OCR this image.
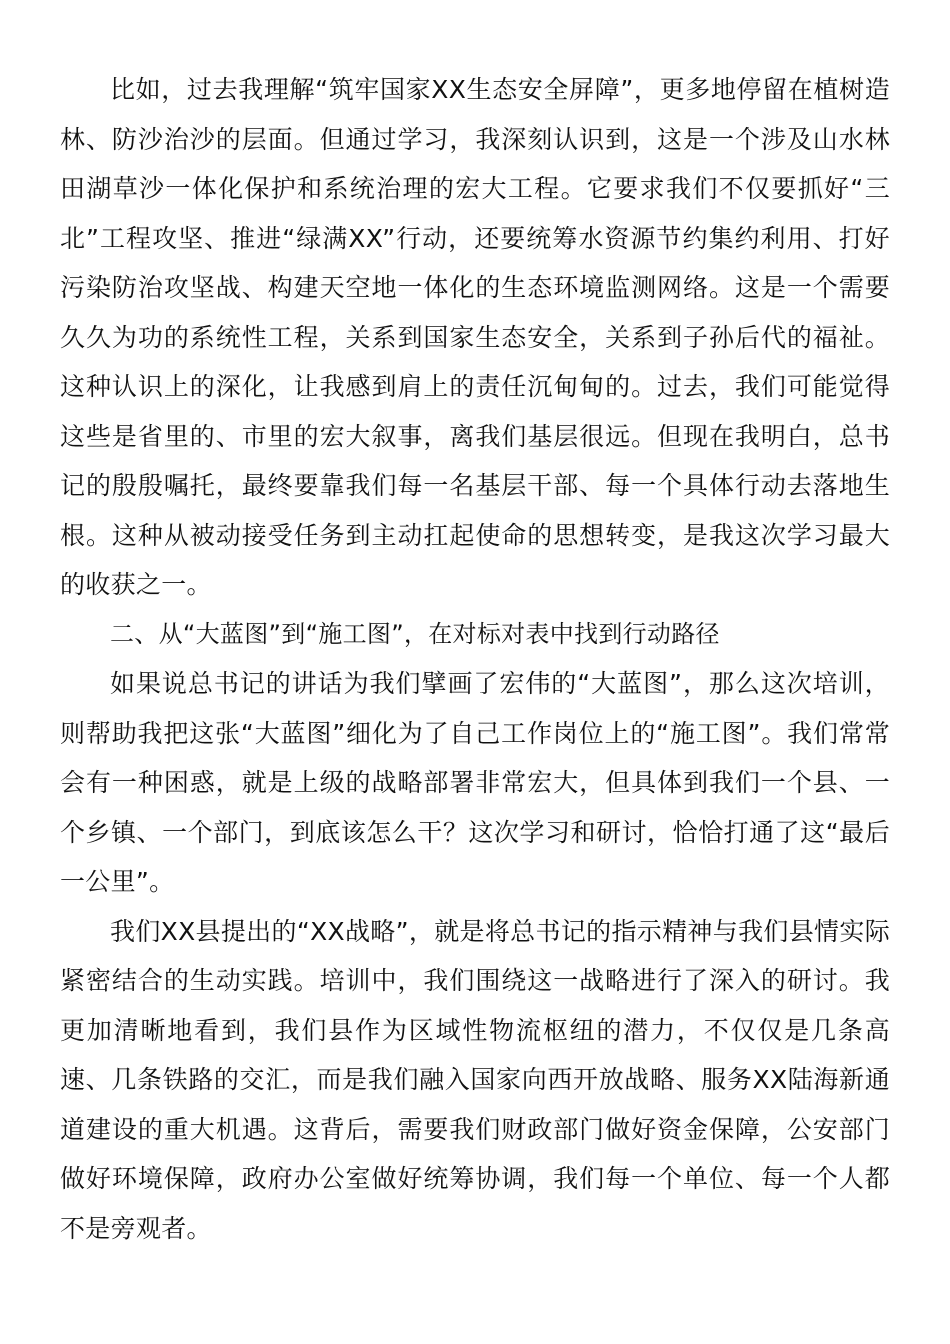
比如，过去我理解“筑牢国家XX生态安全屏障”，更多地停留在植树造林、防沙治沙的层面。但通过学习，我深刻认识到，这是一个涉及山水林田湖草沙一体化保护和系统治理的宏大工程。它要求我们不仅要抓好“三北”工程攻坚、推进“绿满XX”行动，还要统筹水资源节约集约利用、打好污染防治攻坚战、构建天空地一体化的生态环境监测网络。这是一个需要久久为功的系统性工程，关系到国家生态安全，关系到子孙后代的福祉。这种认识上的深化，让我感到肩上的责任沉甸甸的。过去，我们可能觉得这些是省里的、市里的宏大叙事，离我们基层很远。但现在我明白，总书记的殷殷嘱托，最终要靠我们每一名基层干部、每一个具体行动去落地生根。这种从被动接受任务到主动扛起使命的思想转变，是我这次学习最大的收获之一。

二、从“大蓝图”到“施工图”，在对标对表中找到行动路径

如果说总书记的讲话为我们擘画了宏伟的“大蓝图”，那么这次培训，则帮助我把这张“大蓝图”细化为了自己工作岗位上的“施工图”。我们常常会有一种困惑，就是上级的战略部署非常宏大，但具体到我们一个县、一个乡镇、一个部门，到底该怎么干？这次学习和研讨，恰恰打通了这“最后一公里”。

我们XX县提出的“XX战略”，就是将总书记的指示精神与我们县情实际紧密结合的生动实践。培训中，我们围绕这一战略进行了深入的研讨。我更加清晰地看到，我们县作为区域性物流枢纽的潜力，不仅仅是几条高速、几条铁路的交汇，而是我们融入国家向西开放战略、服务XX陆海新通道建设的重大机遇。这背后，需要我们财政部门做好资金保障，公安部门做好环境保障，政府办公室做好统筹协调，我们每一个单位、每一个人都不是旁观者。
